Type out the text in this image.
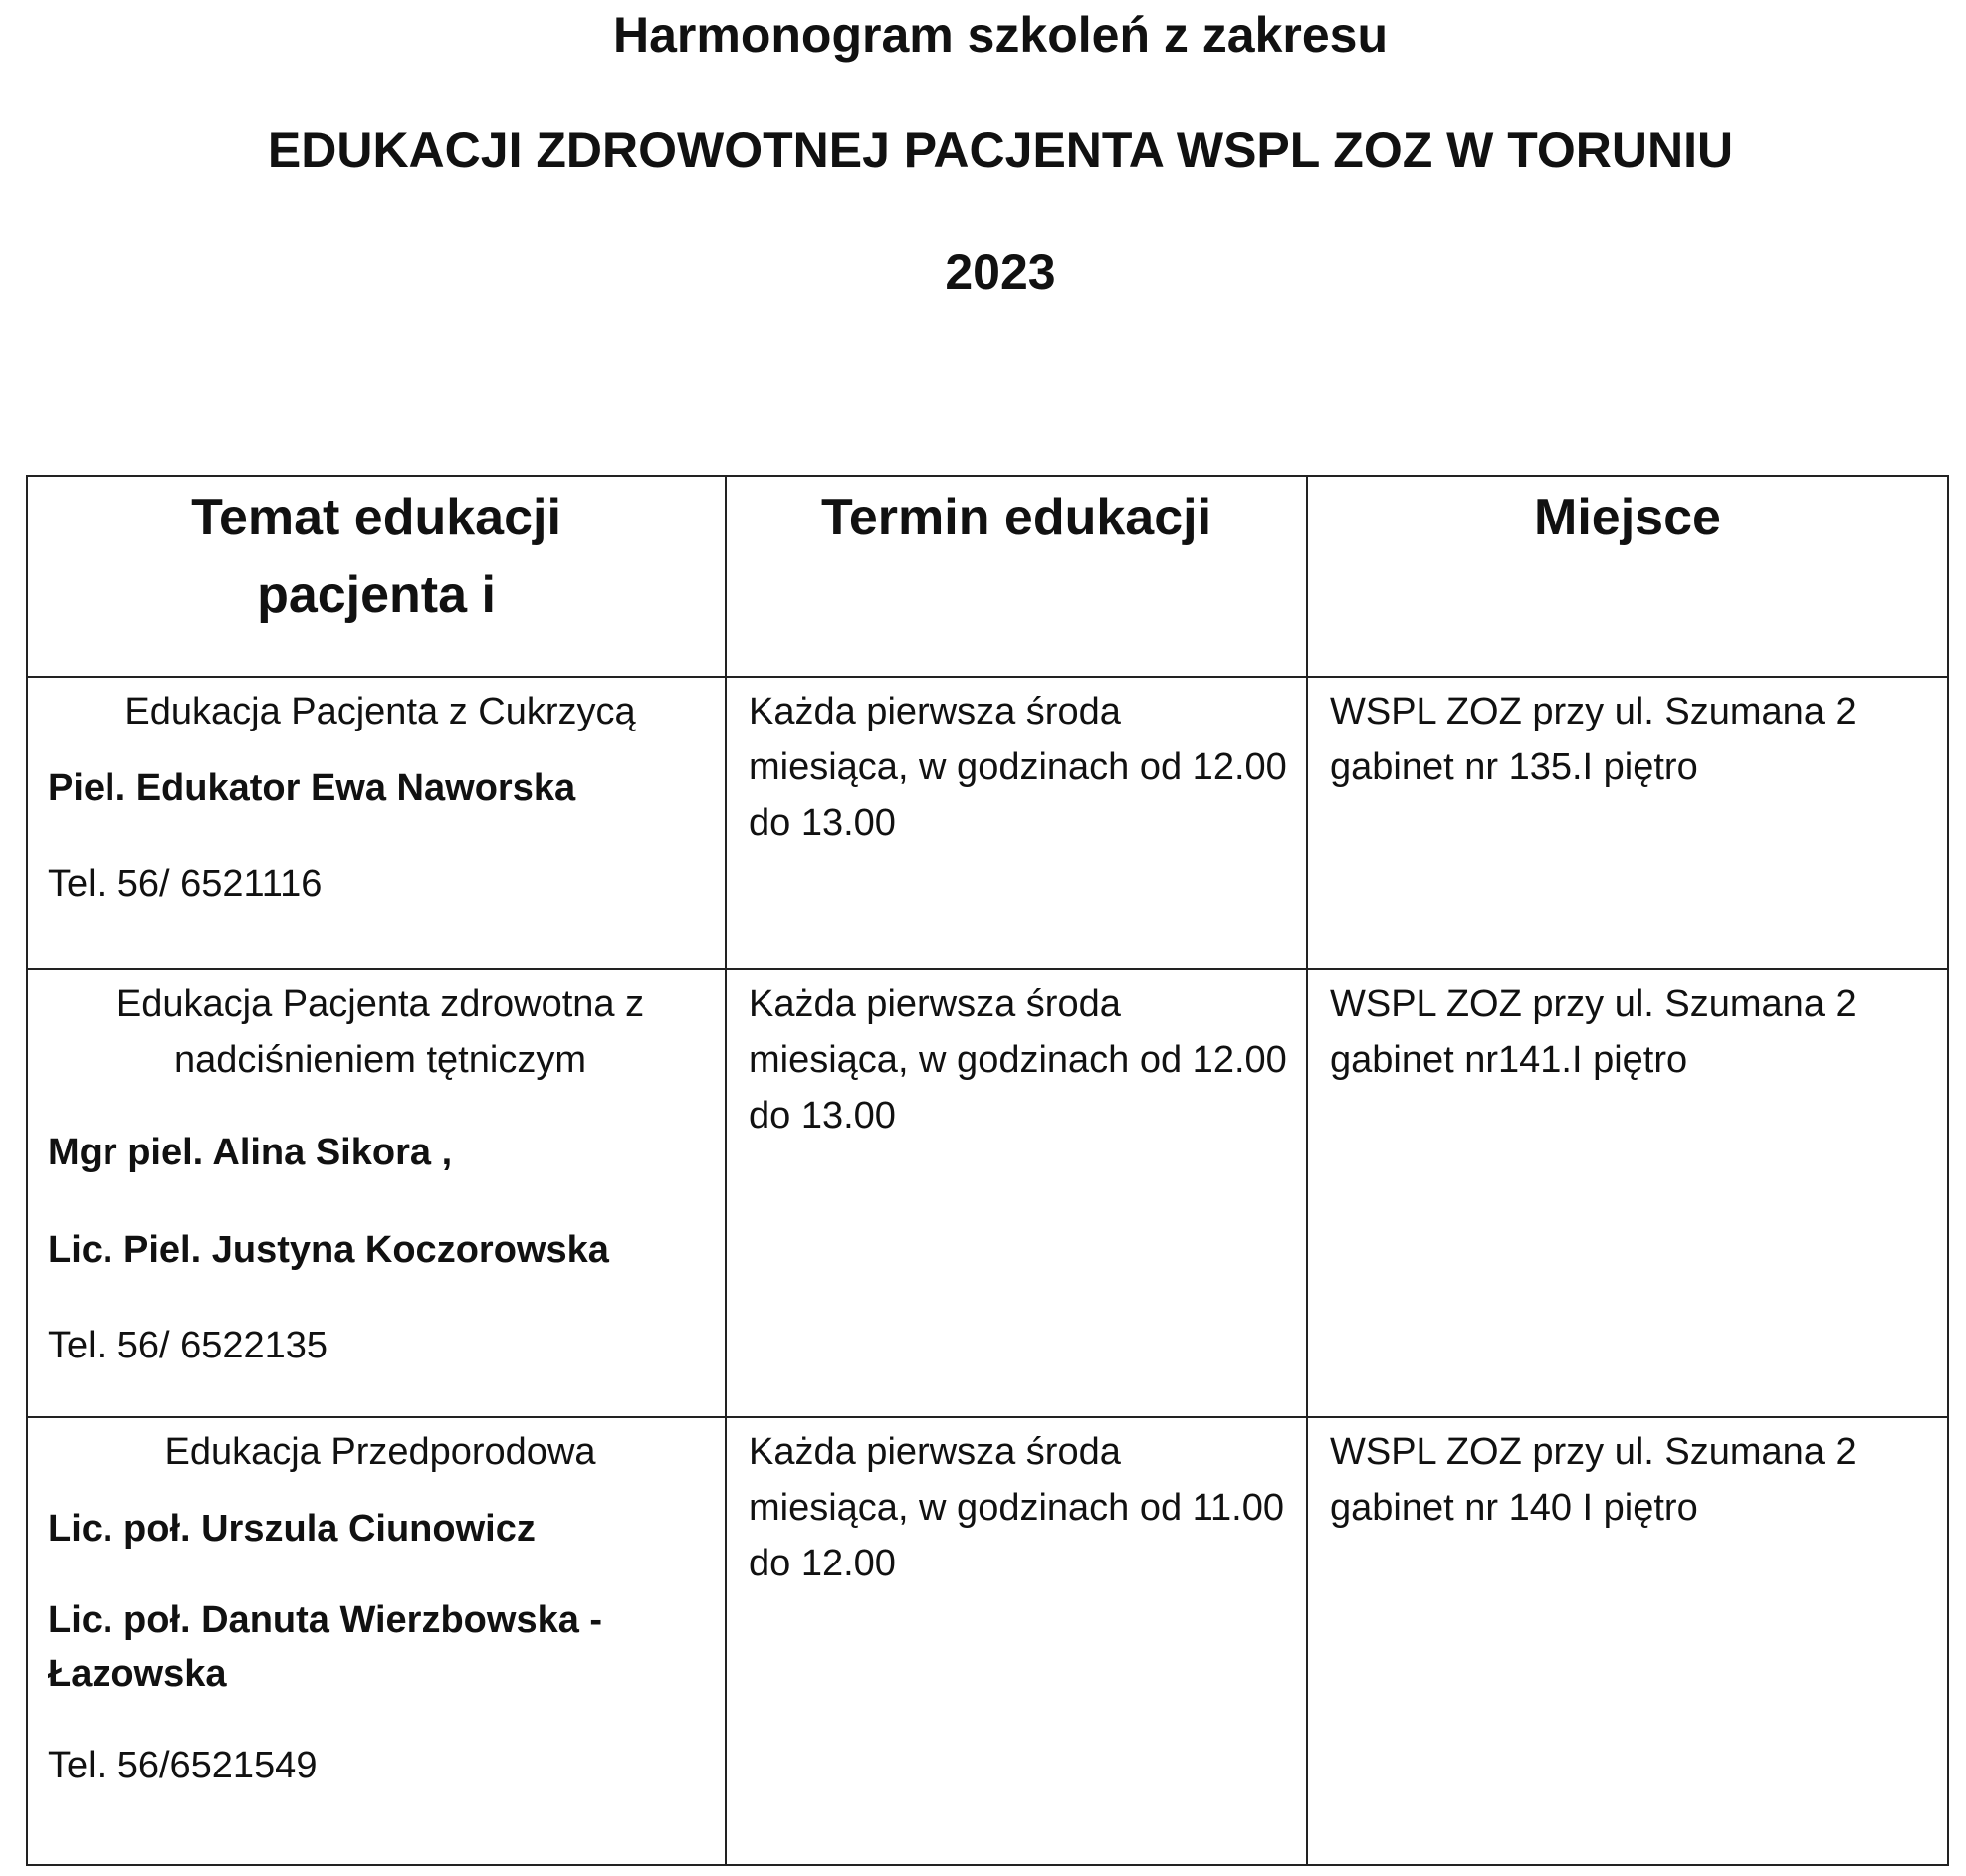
Harmonogram szkoleń z zakresu
EDUKACJI ZDROWOTNEJ PACJENTA WSPL ZOZ W TORUNIU
2023
Temat edukacji pacjenta i	Termin edukacji	Miejsce

Edukacja Pacjenta z Cukrzycą
Piel. Edukator Ewa Naworska
Tel. 56/ 6521116	Każda pierwsza środa miesiąca, w godzinach od 12.00 do 13.00	WSPL ZOZ przy ul. Szumana 2 gabinet nr 135.I piętro

Edukacja Pacjenta zdrowotna z nadciśnieniem tętniczym
Mgr piel. Alina Sikora ,
Lic. Piel. Justyna Koczorowska
Tel. 56/ 6522135	Każda pierwsza środa miesiąca, w godzinach od 12.00 do 13.00	WSPL ZOZ przy ul. Szumana 2 gabinet nr141.I piętro

Edukacja Przedporodowa
Lic. poł. Urszula Ciunowicz
Lic. poł. Danuta Wierzbowska - Łazowska
Tel. 56/6521549	Każda pierwsza środa miesiąca, w godzinach od 11.00 do 12.00	WSPL ZOZ przy ul. Szumana 2 gabinet nr 140 I piętro
